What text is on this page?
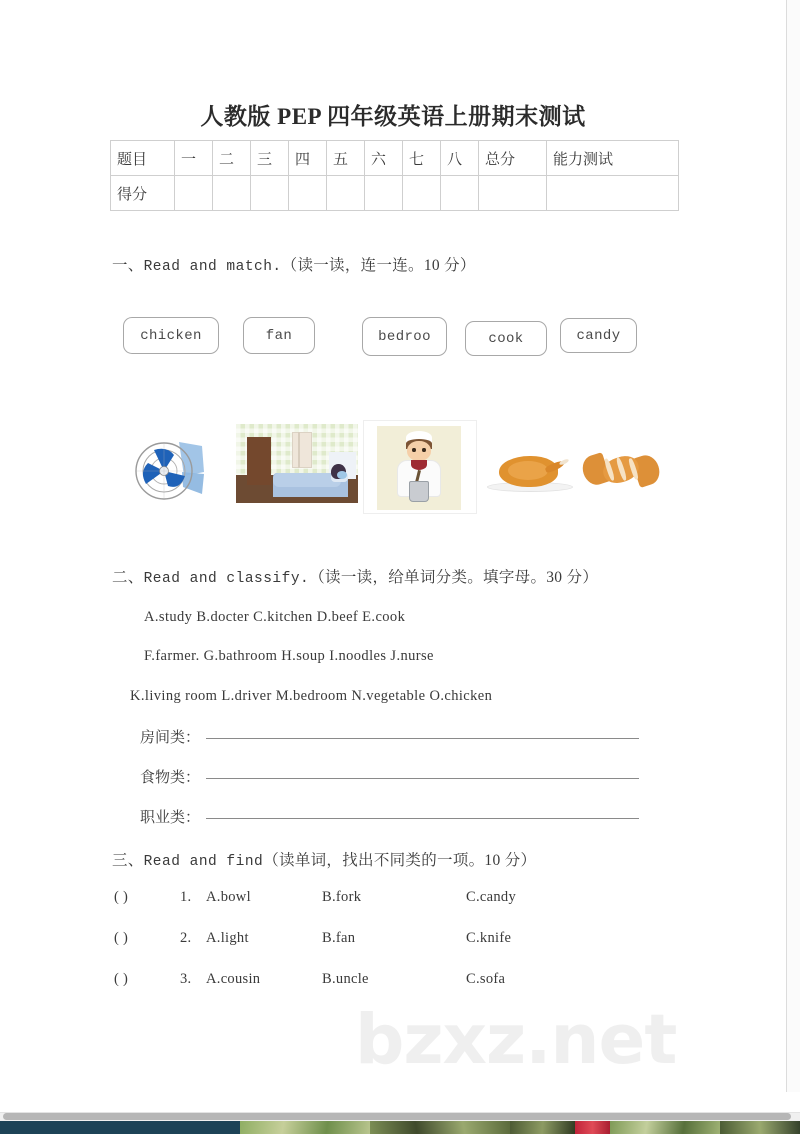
bzxz.net
人教版 PEP 四年级英语上册期末测试
题目	一	二	三	四	五	六	七	八	总分	能力测试
得分										
一、Read and match.（读一读，连一连。10 分）
chicken	fan	bedroo	cook	candy
二、Read and classify.（读一读，给单词分类。填字母。30 分）
A.study B.docter C.kitchen D.beef E.cook
F.farmer. G.bathroom H.soup I.noodles J.nurse
K.living room L.driver M.bedroom N.vegetable O.chicken
房间类：
食物类：
职业类：
三、Read and find（读单词，找出不同类的一项。10 分）
( )	1. A.bowl	B.fork	C.candy
( )	2. A.light	B.fan	C.knife
( )	3. A.cousin	B.uncle	C.sofa
